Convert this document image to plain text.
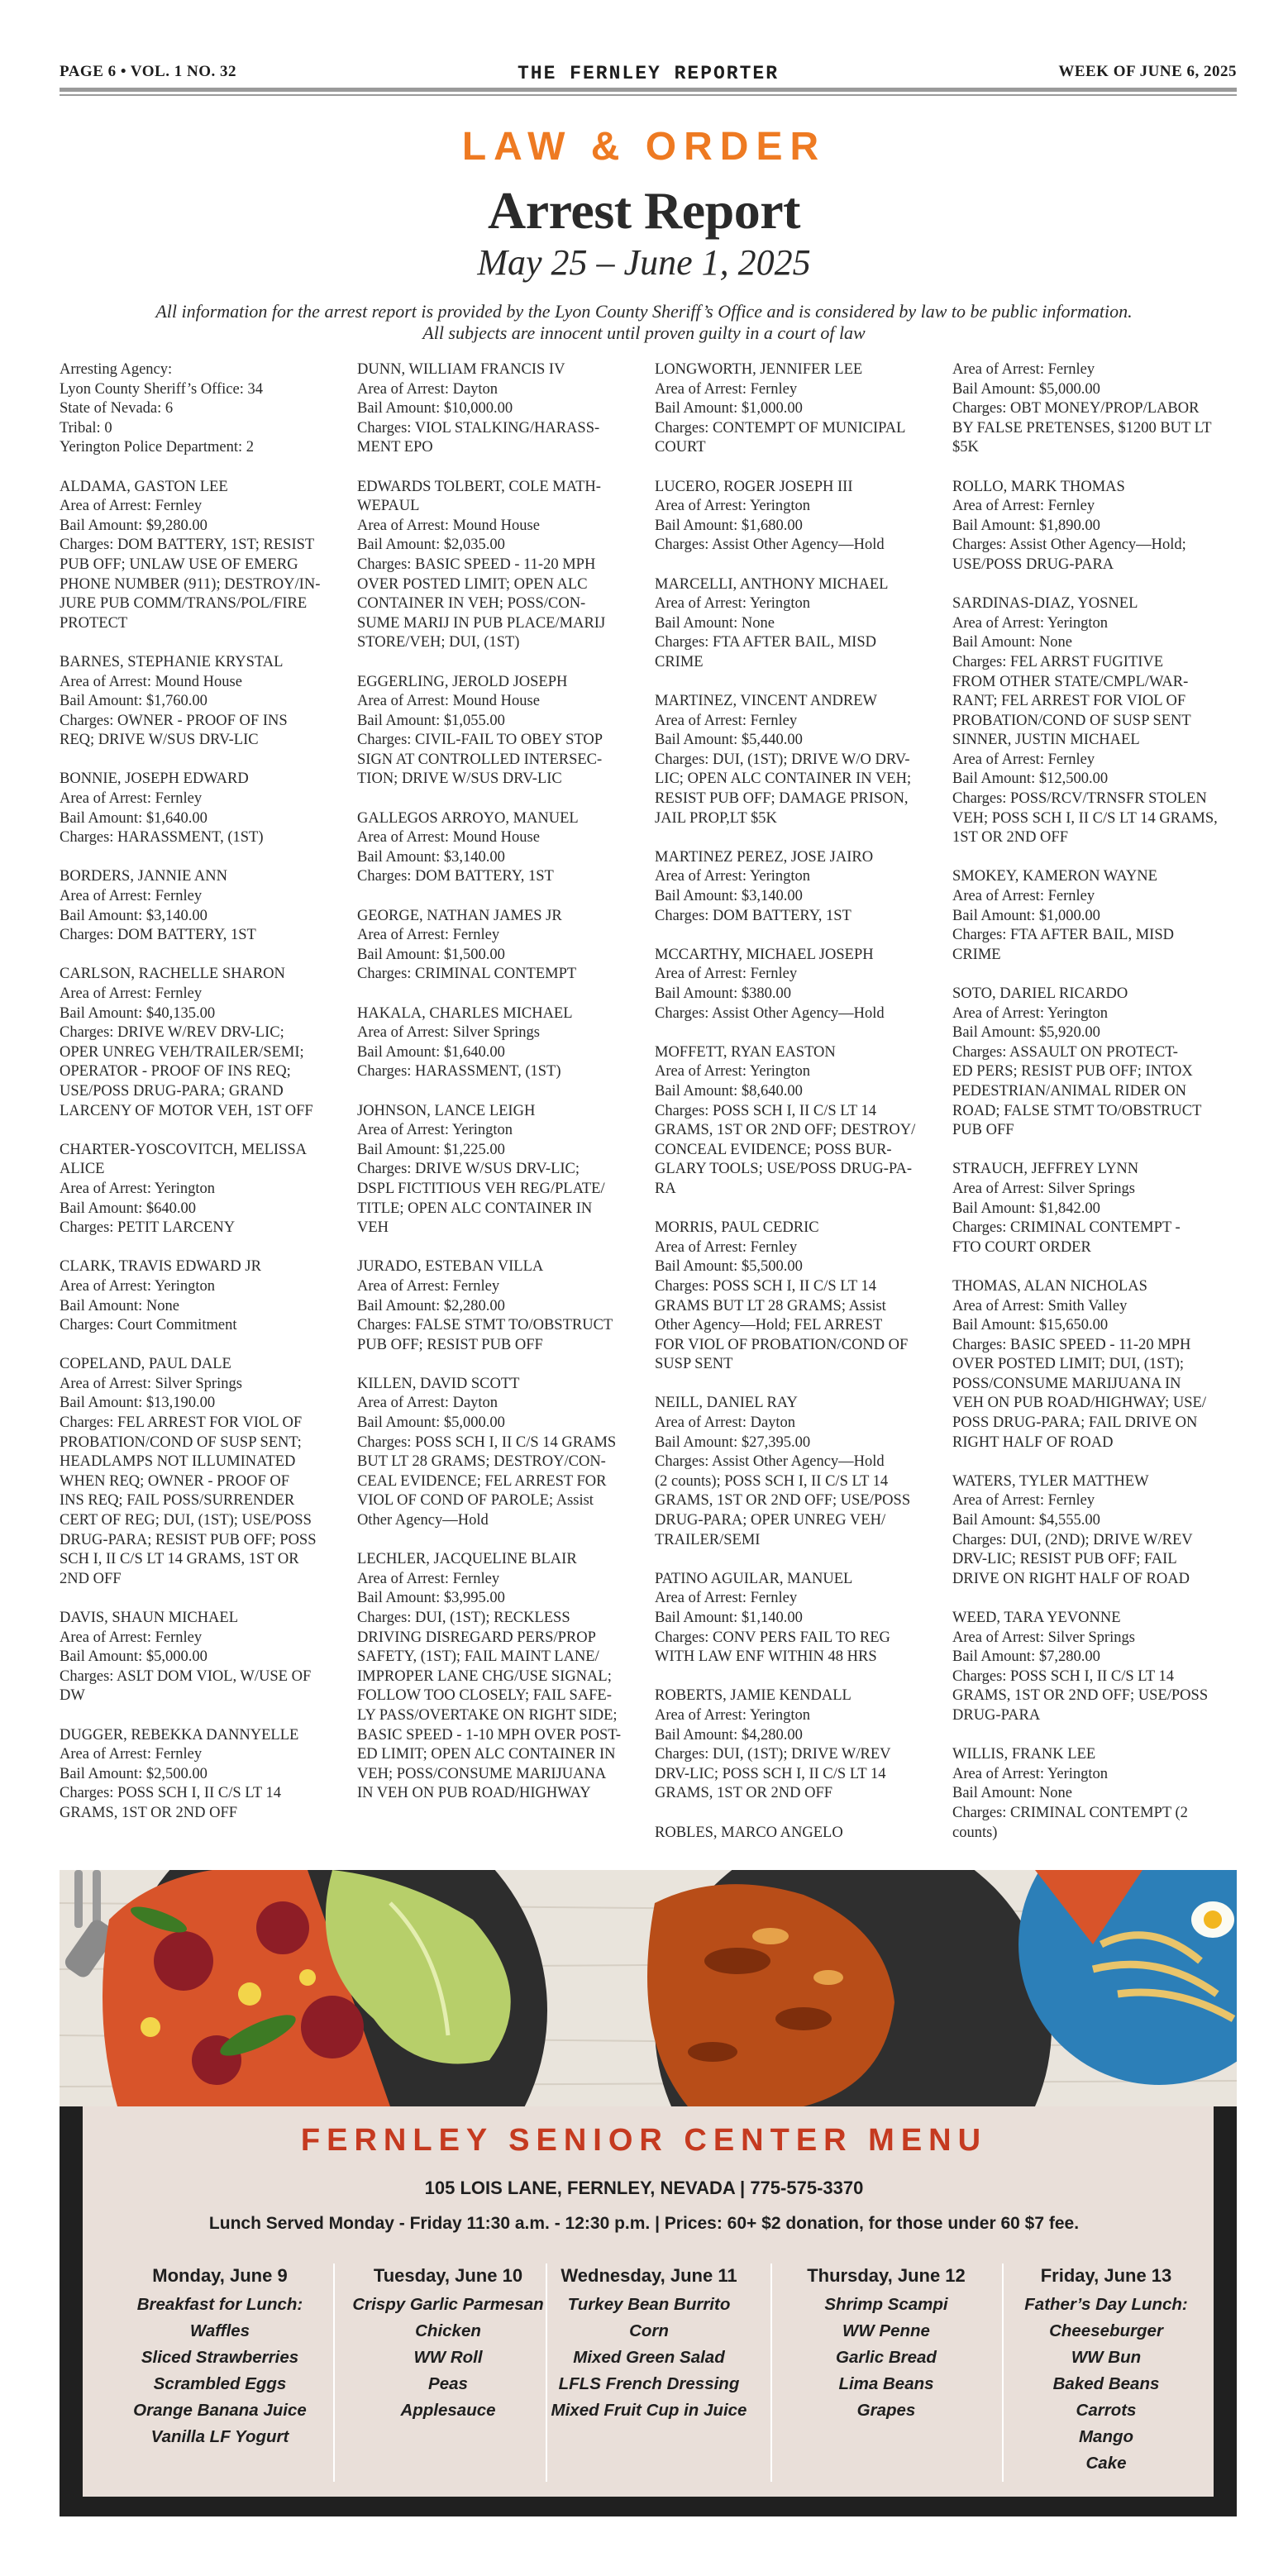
PAGE 6 • VOL. 1 NO. 32	THE FERNLEY REPORTER	WEEK OF JUNE 6, 2025
LAW & ORDER
Arrest Report
May 25 – June 1, 2025
All information for the arrest report is provided by the Lyon County Sheriff’s Office and is considered by law to be public information.
All subjects are innocent until proven guilty in a court of law
Arresting Agency:
Lyon County Sheriff’s Office: 34
State of Nevada: 6
Tribal: 0
Yerington Police Department: 2
ALDAMA, GASTON LEE
Area of Arrest: Fernley
Bail Amount: $9,280.00
Charges: DOM BATTERY, 1ST; RESIST
PUB OFF; UNLAW USE OF EMERG
PHONE NUMBER (911); DESTROY/IN-
JURE PUB COMM/TRANS/POL/FIRE
PROTECT
BARNES, STEPHANIE KRYSTAL
Area of Arrest: Mound House
Bail Amount: $1,760.00
Charges: OWNER - PROOF OF INS
REQ; DRIVE W/SUS DRV-LIC
BONNIE, JOSEPH EDWARD
Area of Arrest: Fernley
Bail Amount: $1,640.00
Charges: HARASSMENT, (1ST)
BORDERS, JANNIE ANN
Area of Arrest: Fernley
Bail Amount: $3,140.00
Charges: DOM BATTERY, 1ST
CARLSON, RACHELLE SHARON
Area of Arrest: Fernley
Bail Amount: $40,135.00
Charges: DRIVE W/REV DRV-LIC;
OPER UNREG VEH/TRAILER/SEMI;
OPERATOR - PROOF OF INS REQ;
USE/POSS DRUG-PARA; GRAND
LARCENY OF MOTOR VEH, 1ST OFF
CHARTER-YOSCOVITCH, MELISSA
ALICE
Area of Arrest: Yerington
Bail Amount: $640.00
Charges: PETIT LARCENY
CLARK, TRAVIS EDWARD JR
Area of Arrest: Yerington
Bail Amount: None
Charges: Court Commitment
COPELAND, PAUL DALE
Area of Arrest: Silver Springs
Bail Amount: $13,190.00
Charges: FEL ARREST FOR VIOL OF
PROBATION/COND OF SUSP SENT;
HEADLAMPS NOT ILLUMINATED
WHEN REQ; OWNER - PROOF OF
INS REQ; FAIL POSS/SURRENDER
CERT OF REG; DUI, (1ST); USE/POSS
DRUG-PARA; RESIST PUB OFF; POSS
SCH I, II C/S LT 14 GRAMS, 1ST OR
2ND OFF
DAVIS, SHAUN MICHAEL
Area of Arrest: Fernley
Bail Amount: $5,000.00
Charges: ASLT DOM VIOL, W/USE OF
DW
DUGGER, REBEKKA DANNYELLE
Area of Arrest: Fernley
Bail Amount: $2,500.00
Charges: POSS SCH I, II C/S LT 14
GRAMS, 1ST OR 2ND OFF
DUNN, WILLIAM FRANCIS IV
Area of Arrest: Dayton
Bail Amount: $10,000.00
Charges: VIOL STALKING/HARASS-
MENT EPO
EDWARDS TOLBERT, COLE MATH-
WEPAUL
Area of Arrest: Mound House
Bail Amount: $2,035.00
Charges: BASIC SPEED - 11-20 MPH
OVER POSTED LIMIT; OPEN ALC
CONTAINER IN VEH; POSS/CON-
SUME MARIJ IN PUB PLACE/MARIJ
STORE/VEH; DUI, (1ST)
EGGERLING, JEROLD JOSEPH
Area of Arrest: Mound House
Bail Amount: $1,055.00
Charges: CIVIL-FAIL TO OBEY STOP
SIGN AT CONTROLLED INTERSEC-
TION; DRIVE W/SUS DRV-LIC
GALLEGOS ARROYO, MANUEL
Area of Arrest: Mound House
Bail Amount: $3,140.00
Charges: DOM BATTERY, 1ST
GEORGE, NATHAN JAMES JR
Area of Arrest: Fernley
Bail Amount: $1,500.00
Charges: CRIMINAL CONTEMPT
HAKALA, CHARLES MICHAEL
Area of Arrest: Silver Springs
Bail Amount: $1,640.00
Charges: HARASSMENT, (1ST)
JOHNSON, LANCE LEIGH
Area of Arrest: Yerington
Bail Amount: $1,225.00
Charges: DRIVE W/SUS DRV-LIC;
DSPL FICTITIOUS VEH REG/PLATE/
TITLE; OPEN ALC CONTAINER IN
VEH
JURADO, ESTEBAN VILLA
Area of Arrest: Fernley
Bail Amount: $2,280.00
Charges: FALSE STMT TO/OBSTRUCT
PUB OFF; RESIST PUB OFF
KILLEN, DAVID SCOTT
Area of Arrest: Dayton
Bail Amount: $5,000.00
Charges: POSS SCH I, II C/S 14 GRAMS
BUT LT 28 GRAMS; DESTROY/CON-
CEAL EVIDENCE; FEL ARREST FOR
VIOL OF COND OF PAROLE; Assist
Other Agency—Hold
LECHLER, JACQUELINE BLAIR
Area of Arrest: Fernley
Bail Amount: $3,995.00
Charges: DUI, (1ST); RECKLESS
DRIVING DISREGARD PERS/PROP
SAFETY, (1ST); FAIL MAINT LANE/
IMPROPER LANE CHG/USE SIGNAL;
FOLLOW TOO CLOSELY; FAIL SAFE-
LY PASS/OVERTAKE ON RIGHT SIDE;
BASIC SPEED - 1-10 MPH OVER POST-
ED LIMIT; OPEN ALC CONTAINER IN
VEH; POSS/CONSUME MARIJUANA
IN VEH ON PUB ROAD/HIGHWAY
LONGWORTH, JENNIFER LEE
Area of Arrest: Fernley
Bail Amount: $1,000.00
Charges: CONTEMPT OF MUNICIPAL
COURT
LUCERO, ROGER JOSEPH III
Area of Arrest: Yerington
Bail Amount: $1,680.00
Charges: Assist Other Agency—Hold
MARCELLI, ANTHONY MICHAEL
Area of Arrest: Yerington
Bail Amount: None
Charges: FTA AFTER BAIL, MISD
CRIME
MARTINEZ, VINCENT ANDREW
Area of Arrest: Fernley
Bail Amount: $5,440.00
Charges: DUI, (1ST); DRIVE W/O DRV-
LIC; OPEN ALC CONTAINER IN VEH;
RESIST PUB OFF; DAMAGE PRISON,
JAIL PROP,LT $5K
MARTINEZ PEREZ, JOSE JAIRO
Area of Arrest: Yerington
Bail Amount: $3,140.00
Charges: DOM BATTERY, 1ST
MCCARTHY, MICHAEL JOSEPH
Area of Arrest: Fernley
Bail Amount: $380.00
Charges: Assist Other Agency—Hold
MOFFETT, RYAN EASTON
Area of Arrest: Yerington
Bail Amount: $8,640.00
Charges: POSS SCH I, II C/S LT 14
GRAMS, 1ST OR 2ND OFF; DESTROY/
CONCEAL EVIDENCE; POSS BUR-
GLARY TOOLS; USE/POSS DRUG-PA-
RA
MORRIS, PAUL CEDRIC
Area of Arrest: Fernley
Bail Amount: $5,500.00
Charges: POSS SCH I, II C/S LT 14
GRAMS BUT LT 28 GRAMS; Assist
Other Agency—Hold; FEL ARREST
FOR VIOL OF PROBATION/COND OF
SUSP SENT
NEILL, DANIEL RAY
Area of Arrest: Dayton
Bail Amount: $27,395.00
Charges: Assist Other Agency—Hold
(2 counts); POSS SCH I, II C/S LT 14
GRAMS, 1ST OR 2ND OFF; USE/POSS
DRUG-PARA; OPER UNREG VEH/
TRAILER/SEMI
PATINO AGUILAR, MANUEL
Area of Arrest: Fernley
Bail Amount: $1,140.00
Charges: CONV PERS FAIL TO REG
WITH LAW ENF WITHIN 48 HRS
ROBERTS, JAMIE KENDALL
Area of Arrest: Yerington
Bail Amount: $4,280.00
Charges: DUI, (1ST); DRIVE W/REV
DRV-LIC; POSS SCH I, II C/S LT 14
GRAMS, 1ST OR 2ND OFF
ROBLES, MARCO ANGELO
Area of Arrest: Fernley
Bail Amount: $5,000.00
Charges: OBT MONEY/PROP/LABOR
BY FALSE PRETENSES, $1200 BUT LT
$5K
ROLLO, MARK THOMAS
Area of Arrest: Fernley
Bail Amount: $1,890.00
Charges: Assist Other Agency—Hold;
USE/POSS DRUG-PARA
SARDINAS-DIAZ, YOSNEL
Area of Arrest: Yerington
Bail Amount: None
Charges: FEL ARRST FUGITIVE
FROM OTHER STATE/CMPL/WAR-
RANT; FEL ARREST FOR VIOL OF
PROBATION/COND OF SUSP SENT
SINNER, JUSTIN MICHAEL
Area of Arrest: Fernley
Bail Amount: $12,500.00
Charges: POSS/RCV/TRNSFR STOLEN
VEH; POSS SCH I, II C/S LT 14 GRAMS,
1ST OR 2ND OFF
SMOKEY, KAMERON WAYNE
Area of Arrest: Fernley
Bail Amount: $1,000.00
Charges: FTA AFTER BAIL, MISD
CRIME
SOTO, DARIEL RICARDO
Area of Arrest: Yerington
Bail Amount: $5,920.00
Charges: ASSAULT ON PROTECT-
ED PERS; RESIST PUB OFF; INTOX
PEDESTRIAN/ANIMAL RIDER ON
ROAD; FALSE STMT TO/OBSTRUCT
PUB OFF
STRAUCH, JEFFREY LYNN
Area of Arrest: Silver Springs
Bail Amount: $1,842.00
Charges: CRIMINAL CONTEMPT -
FTO COURT ORDER
THOMAS, ALAN NICHOLAS
Area of Arrest: Smith Valley
Bail Amount: $15,650.00
Charges: BASIC SPEED - 11-20 MPH
OVER POSTED LIMIT; DUI, (1ST);
POSS/CONSUME MARIJUANA IN
VEH ON PUB ROAD/HIGHWAY; USE/
POSS DRUG-PARA; FAIL DRIVE ON
RIGHT HALF OF ROAD
WATERS, TYLER MATTHEW
Area of Arrest: Fernley
Bail Amount: $4,555.00
Charges: DUI, (2ND); DRIVE W/REV
DRV-LIC; RESIST PUB OFF; FAIL
DRIVE ON RIGHT HALF OF ROAD
WEED, TARA YEVONNE
Area of Arrest: Silver Springs
Bail Amount: $7,280.00
Charges: POSS SCH I, II C/S LT 14
GRAMS, 1ST OR 2ND OFF; USE/POSS
DRUG-PARA
WILLIS, FRANK LEE
Area of Arrest: Yerington
Bail Amount: None
Charges: CRIMINAL CONTEMPT (2
counts)
FERNLEY SENIOR CENTER MENU
105 LOIS LANE, FERNLEY, NEVADA | 775-575-3370
Lunch Served Monday - Friday 11:30 a.m. - 12:30 p.m. | Prices: 60+ $2 donation, for those under 60 $7 fee.
Monday, June 9
Breakfast for Lunch:
Waffles
Sliced Strawberries
Scrambled Eggs
Orange Banana Juice
Vanilla LF Yogurt
Tuesday, June 10
Crispy Garlic Parmesan
Chicken
WW Roll
Peas
Applesauce
Wednesday, June 11
Turkey Bean Burrito
Corn
Mixed Green Salad
LFLS French Dressing
Mixed Fruit Cup in Juice
Thursday, June 12
Shrimp Scampi
WW Penne
Garlic Bread
Lima Beans
Grapes
Friday, June 13
Father’s Day Lunch:
Cheeseburger
WW Bun
Baked Beans
Carrots
Mango
Cake
